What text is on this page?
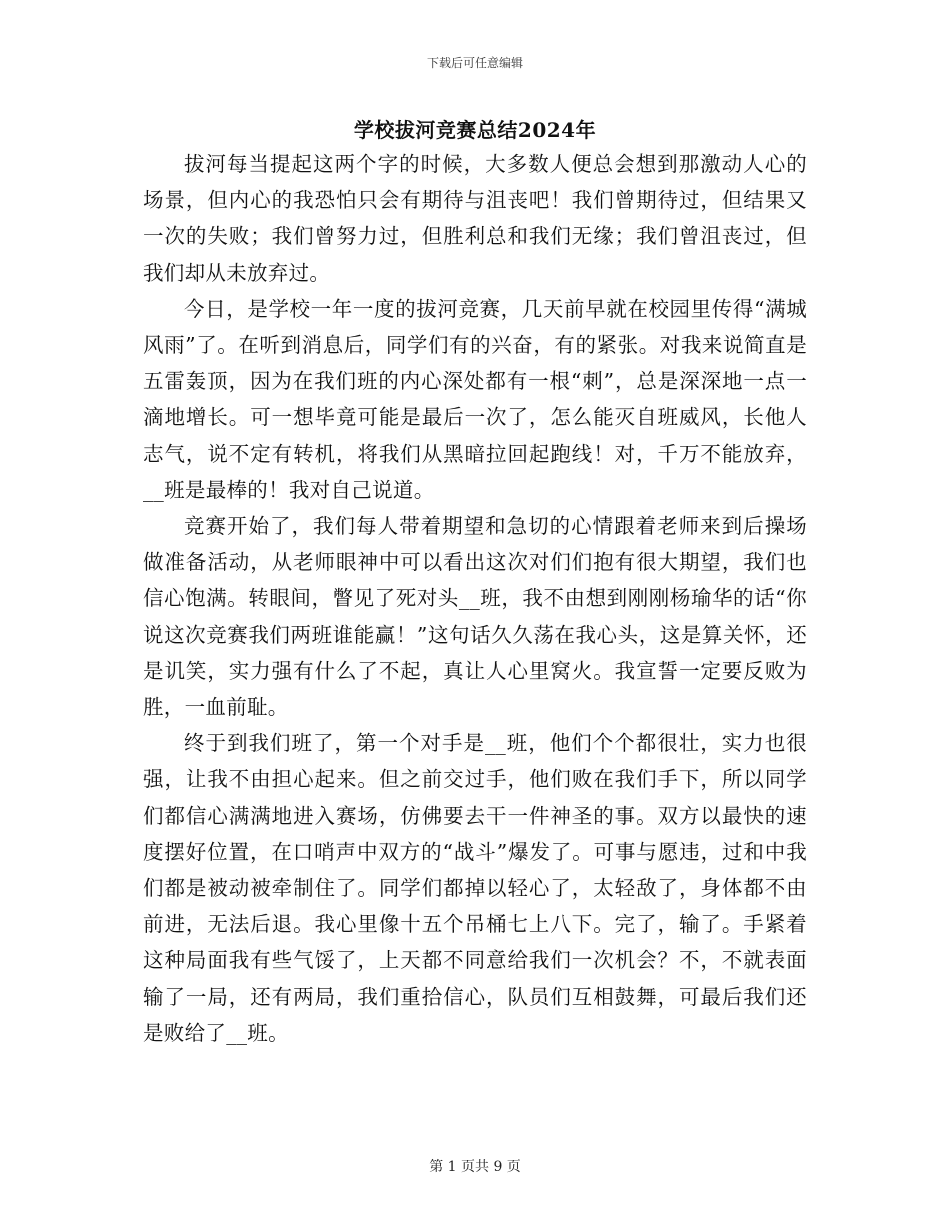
下载后可任意编辑
学校拔河竞赛总结2024年

拔河每当提起这两个字的时候，大多数人便总会想到那激动人心的场景，但内心的我恐怕只会有期待与沮丧吧！我们曾期待过，但结果又一次的失败；我们曾努力过，但胜利总和我们无缘；我们曾沮丧过，但我们却从未放弃过。

今日，是学校一年一度的拔河竞赛，几天前早就在校园里传得“满城风雨”了。在听到消息后，同学们有的兴奋，有的紧张。对我来说简直是五雷轰顶，因为在我们班的内心深处都有一根“刺”，总是深深地一点一滴地增长。可一想毕竟可能是最后一次了，怎么能灭自班威风，长他人志气，说不定有转机，将我们从黑暗拉回起跑线！对，千万不能放弃，__班是最棒的！我对自己说道。

竞赛开始了，我们每人带着期望和急切的心情跟着老师来到后操场做准备活动，从老师眼神中可以看出这次对们们抱有很大期望，我们也信心饱满。转眼间，瞥见了死对头__班，我不由想到刚刚杨瑜华的话“你说这次竞赛我们两班谁能赢！”这句话久久荡在我心头，这是算关怀，还是讥笑，实力强有什么了不起，真让人心里窝火。我宣誓一定要反败为胜，一血前耻。

终于到我们班了，第一个对手是__班，他们个个都很壮，实力也很强，让我不由担心起来。但之前交过手，他们败在我们手下，所以同学们都信心满满地进入赛场，仿佛要去干一件神圣的事。双方以最快的速度摆好位置，在口哨声中双方的“战斗”爆发了。可事与愿违，过和中我们都是被动被牵制住了。同学们都掉以轻心了，太轻敌了，身体都不由前进，无法后退。我心里像十五个吊桶七上八下。完了，输了。手紧着这种局面我有些气馁了，上天都不同意给我们一次机会？不，不就表面输了一局，还有两局，我们重拾信心，队员们互相鼓舞，可最后我们还是败给了__班。

第 1 页共 9 页
